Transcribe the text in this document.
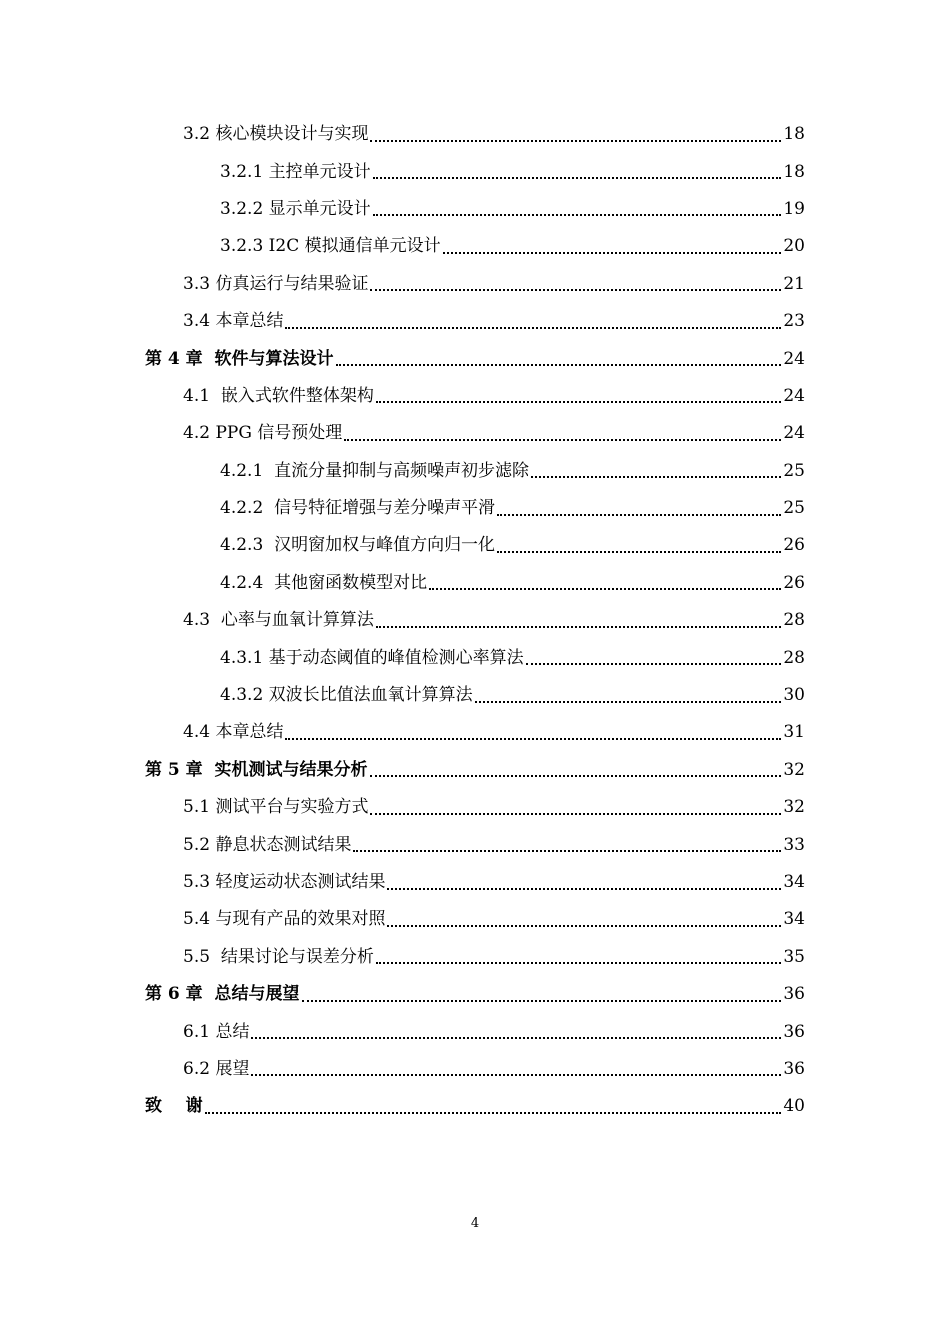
3.2 核心模块设计与实现	18
3.2.1 主控单元设计	18
3.2.2 显示单元设计	19
3.2.3 I2C 模拟通信单元设计	20
3.3 仿真运行与结果验证	21
3.4 本章总结	23
第 4 章  软件与算法设计	24
4.1  嵌入式软件整体架构	24
4.2 PPG 信号预处理	24
4.2.1  直流分量抑制与高频噪声初步滤除	25
4.2.2  信号特征增强与差分噪声平滑	25
4.2.3  汉明窗加权与峰值方向归一化	26
4.2.4  其他窗函数模型对比	26
4.3  心率与血氧计算算法	28
4.3.1 基于动态阈值的峰值检测心率算法	28
4.3.2 双波长比值法血氧计算算法	30
4.4 本章总结	31
第 5 章  实机测试与结果分析	32
5.1 测试平台与实验方式	32
5.2 静息状态测试结果	33
5.3 轻度运动状态测试结果	34
5.4 与现有产品的效果对照	34
5.5  结果讨论与误差分析	35
第 6 章  总结与展望	36
6.1 总结	36
6.2 展望	36
致    谢	40
4
